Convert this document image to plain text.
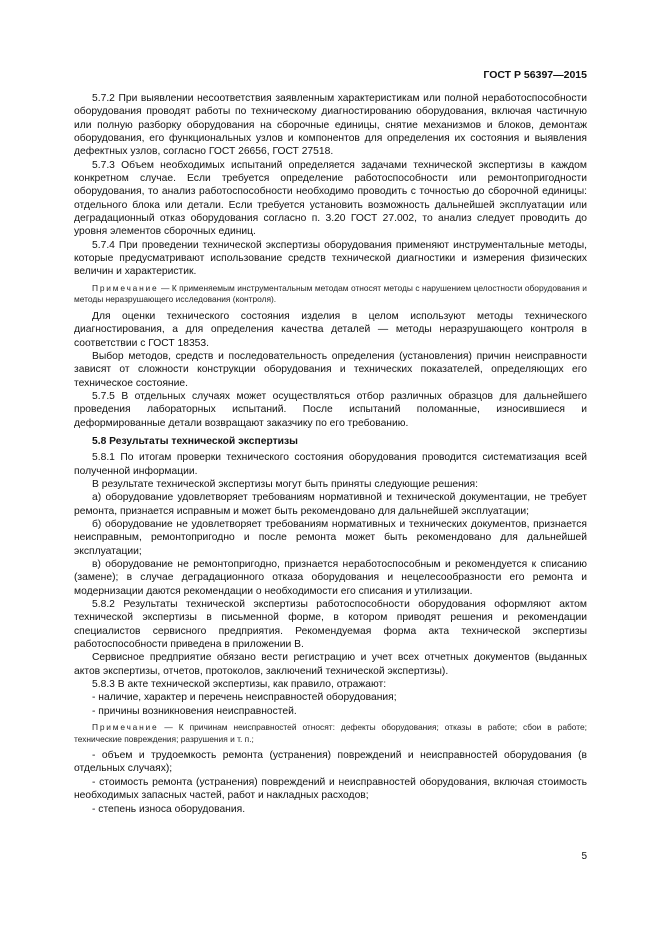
ГОСТ Р 56397—2015

5.7.2 При выявлении несоответствия заявленным характеристикам или полной неработоспособности оборудования проводят работы по техническому диагностированию оборудования, включая частичную или полную разборку оборудования на сборочные единицы, снятие механизмов и блоков, демонтаж оборудования, его функциональных узлов и компонентов для определения их состояния и выявления дефектных узлов, согласно ГОСТ 26656, ГОСТ 27518.

5.7.3 Объем необходимых испытаний определяется задачами технической экспертизы в каждом конкретном случае. Если требуется определение работоспособности или ремонтопригодности оборудования, то анализ работоспособности необходимо проводить с точностью до сборочной единицы: отдельного блока или детали. Если требуется установить возможность дальнейшей эксплуатации или деградационный отказ оборудования согласно п. 3.20 ГОСТ 27.002, то анализ следует проводить до уровня элементов сборочных единиц.

5.7.4 При проведении технической экспертизы оборудования применяют инструментальные методы, которые предусматривают использование средств технической диагностики и измерения физических величин и характеристик.

Примечание — К применяемым инструментальным методам относят методы с нарушением целостности оборудования и методы неразрушающего исследования (контроля).

Для оценки технического состояния изделия в целом используют методы технического диагностирования, а для определения качества деталей — методы неразрушающего контроля в соответствии с ГОСТ 18353.

Выбор методов, средств и последовательность определения (установления) причин неисправности зависят от сложности конструкции оборудования и технических показателей, определяющих его техническое состояние.

5.7.5 В отдельных случаях может осуществляться отбор различных образцов для дальнейшего проведения лабораторных испытаний. После испытаний поломанные, износившиеся и деформированные детали возвращают заказчику по его требованию.

5.8 Результаты технической экспертизы

5.8.1 По итогам проверки технического состояния оборудования проводится систематизация всей полученной информации.

В результате технической экспертизы могут быть приняты следующие решения:

а) оборудование удовлетворяет требованиям нормативной и технической документации, не требует ремонта, признается исправным и может быть рекомендовано для дальнейшей эксплуатации;

б) оборудование не удовлетворяет требованиям нормативных и технических документов, признается неисправным, ремонтопригодно и после ремонта может быть рекомендовано для дальнейшей эксплуатации;

в) оборудование не ремонтопригодно, признается неработоспособным и рекомендуется к списанию (замене); в случае деградационного отказа оборудования и нецелесообразности его ремонта и модернизации даются рекомендации о необходимости его списания и утилизации.

5.8.2 Результаты технической экспертизы работоспособности оборудования оформляют актом технической экспертизы в письменной форме, в котором приводят решения и рекомендации специалистов сервисного предприятия. Рекомендуемая форма акта технической экспертизы работоспособности приведена в приложении В.

Сервисное предприятие обязано вести регистрацию и учет всех отчетных документов (выданных актов экспертизы, отчетов, протоколов, заключений технической экспертизы).

5.8.3 В акте технической экспертизы, как правило, отражают:

- наличие, характер и перечень неисправностей оборудования;

- причины возникновения неисправностей.

Примечание — К причинам неисправностей относят: дефекты оборудования; отказы в работе; сбои в работе; технические повреждения; разрушения и т. п.;

- объем и трудоемкость ремонта (устранения) повреждений и неисправностей оборудования (в отдельных случаях);

- стоимость ремонта (устранения) повреждений и неисправностей оборудования, включая стоимость необходимых запасных частей, работ и накладных расходов;

- степень износа оборудования.

5
